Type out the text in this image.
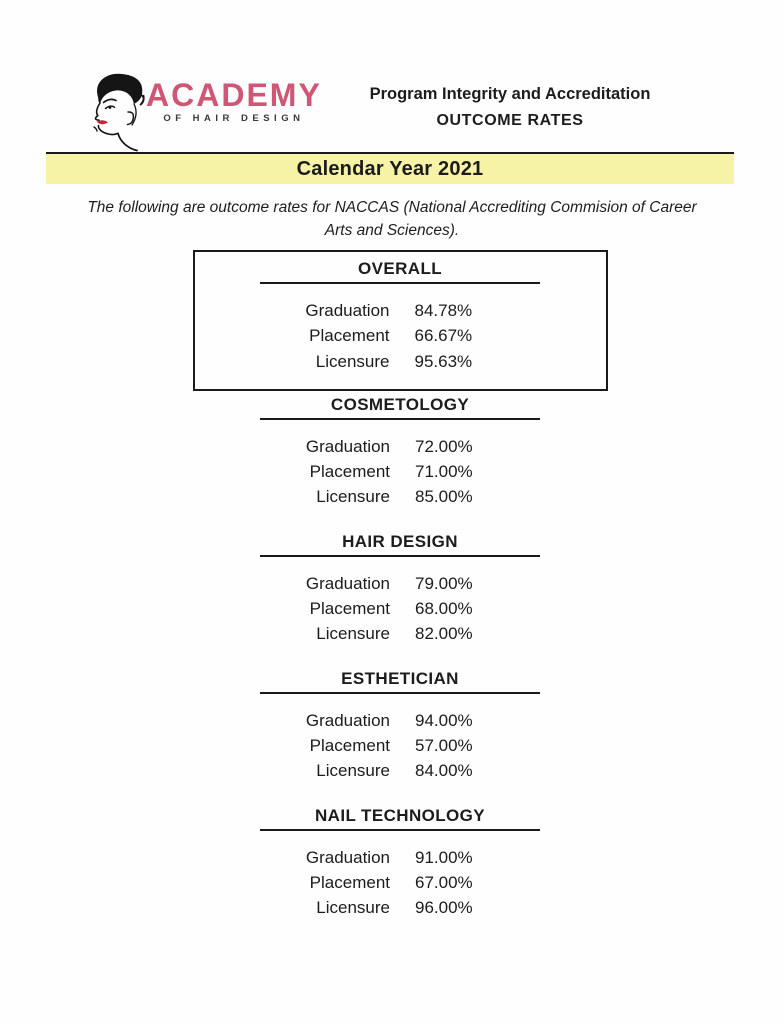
ACADEMY
OF HAIR DESIGN
Program Integrity and Accreditation
OUTCOME RATES
Calendar Year 2021
The following are outcome rates for NACCAS (National Accrediting Commision of Career Arts and Sciences).
OVERALL
Graduation 84.78%
Placement 66.67%
Licensure 95.63%
COSMETOLOGY
Graduation 72.00%
Placement 71.00%
Licensure 85.00%
HAIR DESIGN
Graduation 79.00%
Placement 68.00%
Licensure 82.00%
ESTHETICIAN
Graduation 94.00%
Placement 57.00%
Licensure 84.00%
NAIL TECHNOLOGY
Graduation 91.00%
Placement 67.00%
Licensure 96.00%
